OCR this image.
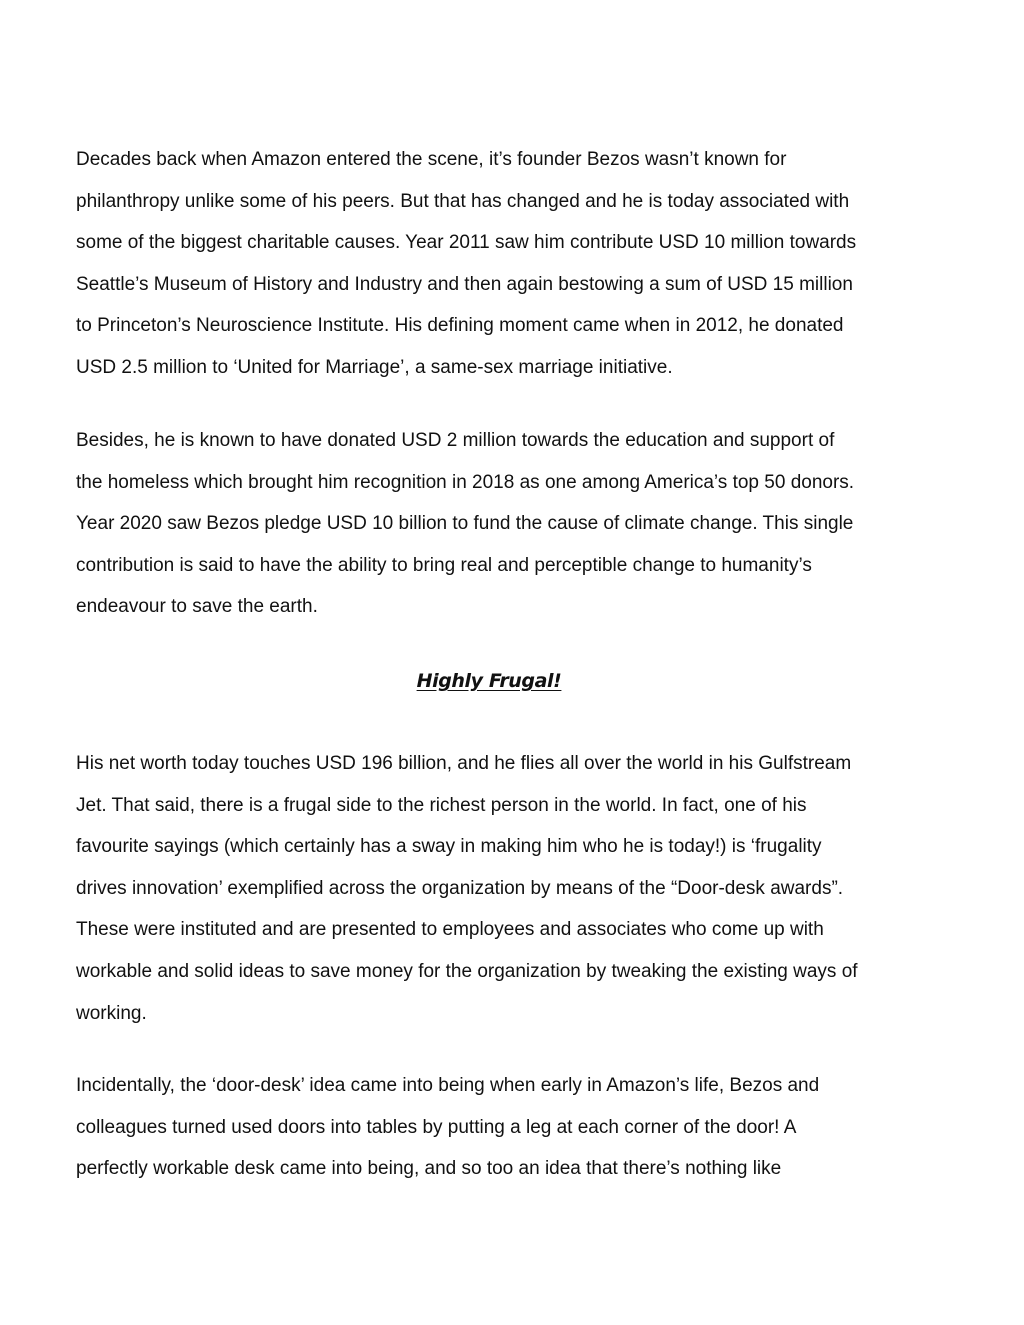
Decades back when Amazon entered the scene, it’s founder Bezos wasn’t known for
philanthropy unlike some of his peers. But that has changed and he is today associated with
some of the biggest charitable causes. Year 2011 saw him contribute USD 10 million towards
Seattle’s Museum of History and Industry and then again bestowing a sum of USD 15 million
to Princeton’s Neuroscience Institute. His defining moment came when in 2012, he donated
USD 2.5 million to ‘United for Marriage’, a same-sex marriage initiative.

Besides, he is known to have donated USD 2 million towards the education and support of
the homeless which brought him recognition in 2018 as one among America’s top 50 donors.
Year 2020 saw Bezos pledge USD 10 billion to fund the cause of climate change. This single
contribution is said to have the ability to bring real and perceptible change to humanity’s
endeavour to save the earth.

Highly Frugal!

His net worth today touches USD 196 billion, and he flies all over the world in his Gulfstream
Jet. That said, there is a frugal side to the richest person in the world. In fact, one of his
favourite sayings (which certainly has a sway in making him who he is today!) is ‘frugality
drives innovation’ exemplified across the organization by means of the “Door-desk awards”.
These were instituted and are presented to employees and associates who come up with
workable and solid ideas to save money for the organization by tweaking the existing ways of
working.

Incidentally, the ‘door-desk’ idea came into being when early in Amazon’s life, Bezos and
colleagues turned used doors into tables by putting a leg at each corner of the door! A
perfectly workable desk came into being, and so too an idea that there’s nothing like
